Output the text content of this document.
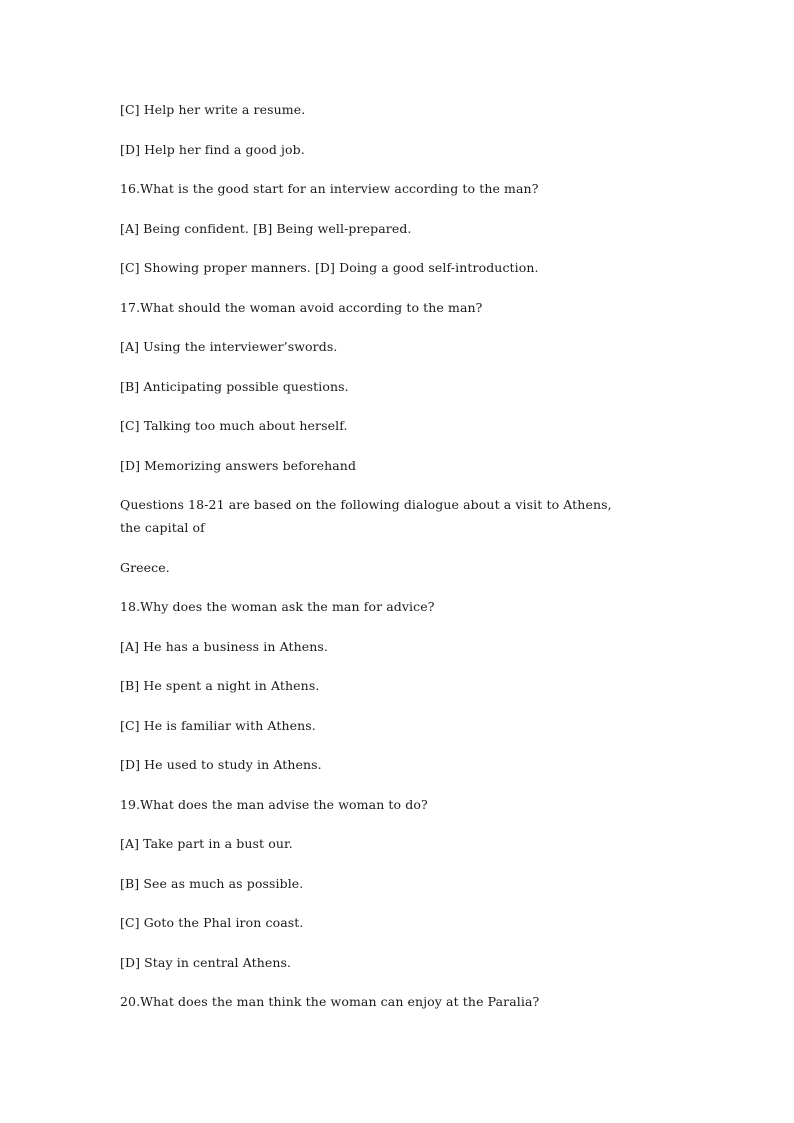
[C] Help her write a resume.
[D] Help her find a good job.
16.What is the good start for an interview according to the man?
[A] Being confident. [B] Being well-prepared.
[C] Showing proper manners. [D] Doing a good self-introduction.
17.What should the woman avoid according to the man?
[A] Using the interviewer’swords.
[B] Anticipating possible questions.
[C] Talking too much about herself.
[D] Memorizing answers beforehand
Questions 18-21 are based on the following dialogue about a visit to Athens,
the capital of
Greece.
18.Why does the woman ask the man for advice?
[A] He has a business in Athens.
[B] He spent a night in Athens.
[C] He is familiar with Athens.
[D] He used to study in Athens.
19.What does the man advise the woman to do?
[A] Take part in a bust our.
[B] See as much as possible.
[C] Goto the Phal iron coast.
[D] Stay in central Athens.
20.What does the man think the woman can enjoy at the Paralia?
